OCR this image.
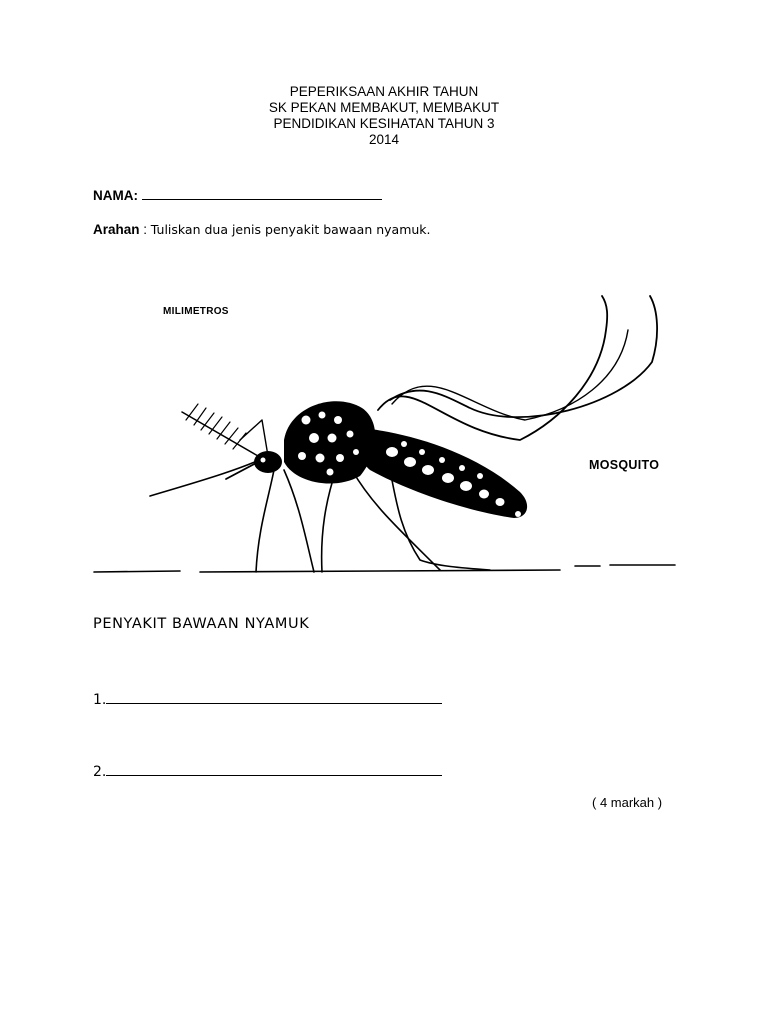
PEPERIKSAAN AKHIR TAHUN
SK PEKAN MEMBAKUT, MEMBAKUT
PENDIDIKAN KESIHATAN TAHUN 3
2014
NAMA:
Arahan : Tuliskan dua jenis penyakit bawaan nyamuk.
MILIMETROS
MOSQUITO
PENYAKIT BAWAAN NYAMUK
1.
2.
( 4 markah )
